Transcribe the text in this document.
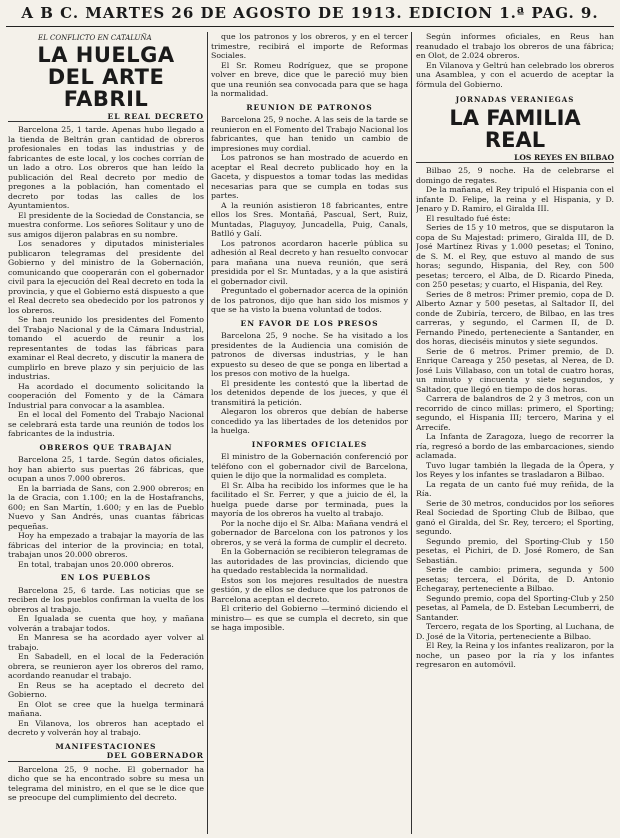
A B C. MARTES 26 DE AGOSTO DE 1913. EDICION 1.ª PAG. 9.
EL CONFLICTO EN CATALUÑA
LA HUELGA
DEL ARTE FABRIL
EL REAL DECRETO

Barcelona 25, 1 tarde. Apenas hubo llegado a la tienda de Beltrán gran cantidad de obreros profesionales en todas las industrias y de fabricantes de este local, y los coches corrían de un lado a otro. Los obreros que han leído la publicación del Real decreto por medio de pregones a la población, han comentado el decreto por todas las calles de los Ayuntamientos.

El presidente de la Sociedad de Constancia, se muestra conforme. Los señores Solitaur y uno de sus amigos dijeron palabras en su nombre.

Los senadores y diputados ministeriales publicaron telegramas del presidente del Gobierno y del ministro de la Gobernación, comunicando que cooperarán con el gobernador civil para la ejecución del Real decreto en toda la provincia, y que el Gobierno está dispuesto a que el Real decreto sea obedecido por los patronos y los obreros.

Se han reunido los presidentes del Fomento del Trabajo Nacional y de la Cámara Industrial, tomando el acuerdo de reunir a los representantes de todas las fábricas para examinar el Real decreto, y discutir la manera de cumplirlo en breve plazo y sin perjuicio de las industrias.

Ha acordado el documento solicitando la cooperación del Fomento y de la Cámara Industrial para convocar a la asamblea.

En el local del Fomento del Trabajo Nacional se celebrará esta tarde una reunión de todos los fabricantes de la industria.

OBREROS QUE TRABAJAN

Barcelona 25, 1 tarde. Según datos oficiales, hoy han abierto sus puertas 26 fábricas, que ocupan a unos 7.000 obreros.

En la barriada de Sans, con 2.900 obreros; en la de Gracia, con 1.100; en la de Hostafranchs, 600; en San Martín, 1.600; y en las de Pueblo Nuevo y San Andrés, unas cuantas fábricas pequeñas.

Hoy ha empezado a trabajar la mayoría de las fábricas del interior de la provincia; en total, trabajan unos 20.000 obreros.

En total, trabajan unos 20.000 obreros.

EN LOS PUEBLOS

Barcelona 25, 6 tarde. Las noticias que se reciben de los pueblos confirman la vuelta de los obreros al trabajo.

En Igualada se cuenta que hoy, y mañana volverán a trabajar todos.

En Manresa se ha acordado ayer volver al trabajo.

En Sabadell, en el local de la Federación obrera, se reunieron ayer los obreros del ramo, acordando reanudar el trabajo.

En Reus se ha aceptado el decreto del Gobierno.

En Olot se cree que la huelga terminará mañana.

En Vilanova, los obreros han aceptado el decreto y volverán hoy al trabajo.

MANIFESTACIONES
DEL GOBERNADOR

Barcelona 25, 9 noche. El gobernador ha dicho que se ha encontrado sobre su mesa un telegrama del ministro, en el que se le dice que se preocupe del cumplimiento del decreto.

que los patronos y los obreros, y en el tercer trimestre, recibirá el importe de Reformas Sociales.

El Sr. Romeu Rodríguez, que se propone volver en breve, dice que le pareció muy bien que una reunión sea convocada para que se haga la normalidad.

REUNION DE PATRONOS

Barcelona 25, 9 noche. A las seis de la tarde se reunieron en el Fomento del Trabajo Nacional los fabricantes, que han tenido un cambio de impresiones muy cordial.

Los patronos se han mostrado de acuerdo en aceptar el Real decreto publicado hoy en la Gaceta, y dispuestos a tomar todas las medidas necesarias para que se cumpla en todas sus partes.

A la reunión asistieron 18 fabricantes, entre ellos los Sres. Montañá, Pascual, Sert, Ruiz, Muntadas, Plaguyoy, Juncadella, Puig, Canals, Batlló y Galí.

Los patronos acordaron hacerle pública su adhesión al Real decreto y han resuelto convocar para mañana una nueva reunión, que será presidida por el Sr. Muntadas, y a la que asistirá el gobernador civil.

Preguntado el gobernador acerca de la opinión de los patronos, dijo que han sido los mismos y que se ha visto la buena voluntad de todos.

EN FAVOR DE LOS PRESOS

Barcelona 25, 9 noche. Se ha visitado a los presidentes de la Audiencia una comisión de patronos de diversas industrias, y le han expuesto su deseo de que se ponga en libertad a los presos con motivo de la huelga.

El presidente les contestó que la libertad de los detenidos depende de los jueces, y que él transmitirá la petición.

Alegaron los obreros que debían de haberse concedido ya las libertades de los detenidos por la huelga.

INFORMES OFICIALES

El ministro de la Gobernación conferenció por teléfono con el gobernador civil de Barcelona, quien le dijo que la normalidad es completa.

El Sr. Alba ha recibido los informes que le ha facilitado el Sr. Ferrer, y que a juicio de él, la huelga puede darse por terminada, pues la mayoría de los obreros ha vuelto al trabajo.

Por la noche dijo el Sr. Alba: Mañana vendrá el gobernador de Barcelona con los patronos y los obreros, y se verá la forma de cumplir el decreto.

En la Gobernación se recibieron telegramas de las autoridades de las provincias, diciendo que ha quedado restablecida la normalidad.

Estos son los mejores resultados de nuestra gestión, y de ellos se deduce que los patronos de Barcelona aceptan el decreto.

El criterio del Gobierno —terminó diciendo el ministro— es que se cumpla el decreto, sin que se haga imposible.

Según informes oficiales, en Reus han reanudado el trabajo los obreros de una fábrica; en Olot, de 2.024 obreros.

En Vilanova y Geltrú han celebrado los obreros una Asamblea, y con el acuerdo de aceptar la fórmula del Gobierno.

JORNADAS VERANIEGAS
LA FAMILIA REAL
LOS REYES EN BILBAO

Bilbao 25, 9 noche. Ha de celebrarse el domingo de regates.

De la mañana, el Rey tripuló el Hispania con el infante D. Felipe, la reina y el Hispania, y D. Jenaro y D. Ramiro, el Giralda III.

El resultado fué éste:

Series de 15 y 10 metros, que se disputaron la copa de Su Majestad: primero, Giralda III, de D. José Martínez Rivas y 1.000 pesetas; el Tonino, de S. M. el Rey, que estuvo al mando de sus horas; segundo, Hispania, del Rey, con 500 pesetas; tercero, el Alba, de D. Ricardo Pineda, con 250 pesetas; y cuarto, el Hispania, del Rey.

Series de 8 metros: Primer premio, copa de D. Alberto Aznar y 500 pesetas, al Saltador II, del conde de Zubiría, tercero, de Bilbao, en las tres carreras, y segundo, el Carmen II, de D. Fernando Pinedo, perteneciente a Santander, en dos horas, dieciséis minutos y siete segundos.

Serie de 6 metros. Primer premio, de D. Enrique Careaga y 250 pesetas, al Nerea, de D. José Luis Villabaso, con un total de cuatro horas, un minuto y cincuenta y siete segundos, y Saltador, que llegó en tiempo de dos horas.

Carrera de balandros de 2 y 3 metros, con un recorrido de cinco millas: primero, el Sporting; segundo, el Hispania III; tercero, Marina y el Arrecife.

La Infanta de Zaragoza, luego de recorrer la ría, regresó a bordo de las embarcaciones, siendo aclamada.

Tuvo lugar también la llegada de la Ópera, y los Reyes y los infantes se trasladaron a Bilbao.

La regata de un canto fué muy reñida, de la Ría.

Serie de 30 metros, conducidos por los señores Real Sociedad de Sporting Club de Bilbao, que ganó el Giralda, del Sr. Rey, tercero; el Sporting, segundo.

Segundo premio, del Sporting-Club y 150 pesetas, el Pichiri, de D. José Romero, de San Sebastián.

Serie de cambio: primera, segunda y 500 pesetas; tercera, el Dórita, de D. Antonio Echegaray, perteneciente a Bilbao.

Segundo premio, copa del Sporting-Club y 250 pesetas, al Pamela, de D. Esteban Lecumberri, de Santander.

Tercero, regata de los Sporting, al Luchana, de D. José de la Vitoria, perteneciente a Bilbao.

El Rey, la Reina y los infantes realizaron, por la noche, un paseo por la ría y los infantes regresaron en automóvil.
